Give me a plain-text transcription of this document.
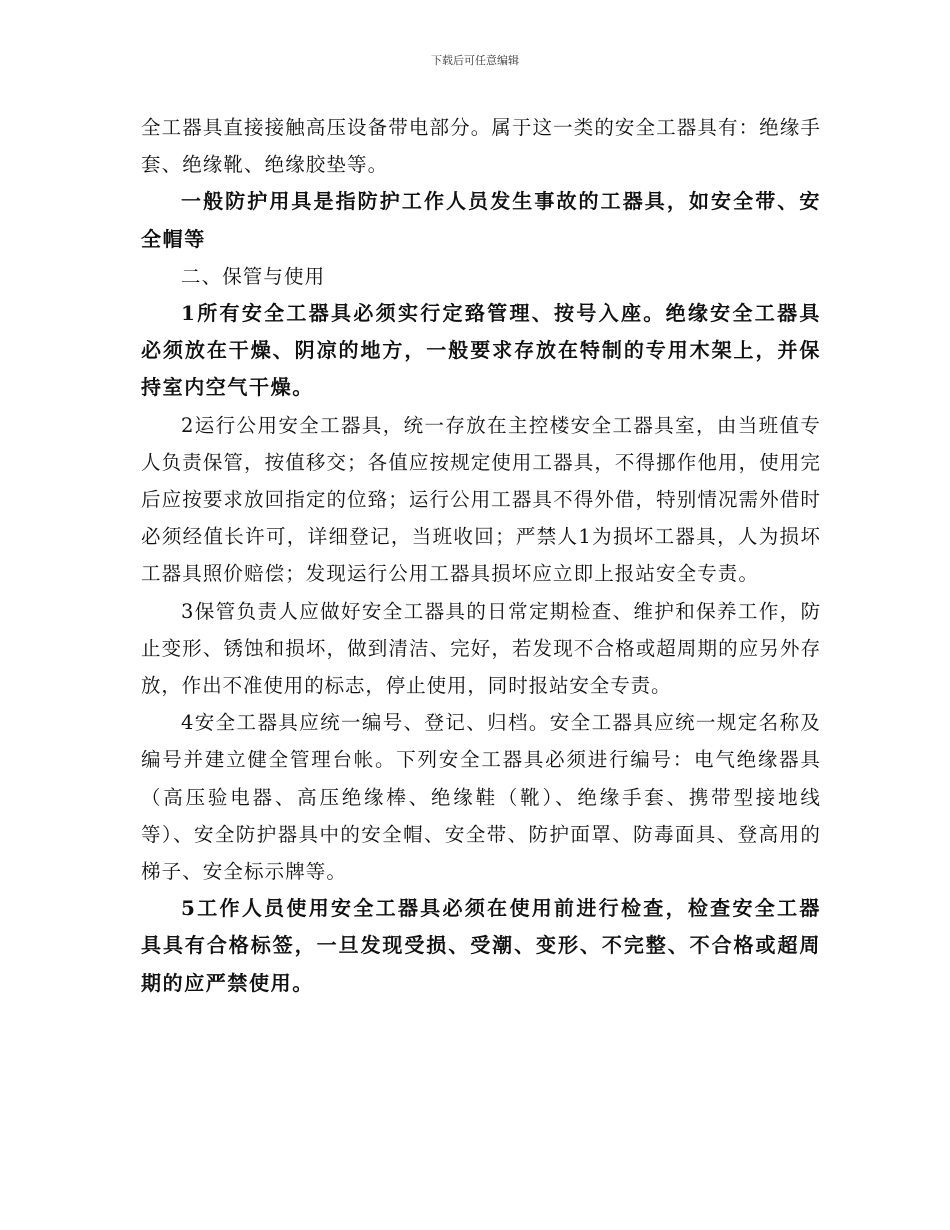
下载后可任意编辑

全工器具直接接触高压设备带电部分。属于这一类的安全工器具有：绝缘手套、绝缘靴、绝缘胶垫等。

一般防护用具是指防护工作人员发生事故的工器具，如安全带、安全帽等

二、保管与使用

1所有安全工器具必须实行定臵管理、按号入座。绝缘安全工器具必须放在干燥、阴凉的地方，一般要求存放在特制的专用木架上，并保持室内空气干燥。

2运行公用安全工器具，统一存放在主控楼安全工器具室，由当班值专人负责保管，按值移交；各值应按规定使用工器具，不得挪作他用，使用完后应按要求放回指定的位臵；运行公用工器具不得外借，特别情况需外借时必须经值长许可，详细登记，当班收回；严禁人1为损坏工器具，人为损坏工器具照价赔偿；发现运行公用工器具损坏应立即上报站安全专责。

3保管负责人应做好安全工器具的日常定期检查、维护和保养工作，防止变形、锈蚀和损坏，做到清洁、完好，若发现不合格或超周期的应另外存放，作出不准使用的标志，停止使用，同时报站安全专责。

4安全工器具应统一编号、登记、归档。安全工器具应统一规定名称及编号并建立健全管理台帐。下列安全工器具必须进行编号：电气绝缘器具（高压验电器、高压绝缘棒、绝缘鞋（靴）、绝缘手套、携带型接地线等）、安全防护器具中的安全帽、安全带、防护面罩、防毒面具、登高用的梯子、安全标示牌等。

5工作人员使用安全工器具必须在使用前进行检查，检查安全工器具具有合格标签，一旦发现受损、受潮、变形、不完整、不合格或超周期的应严禁使用。
